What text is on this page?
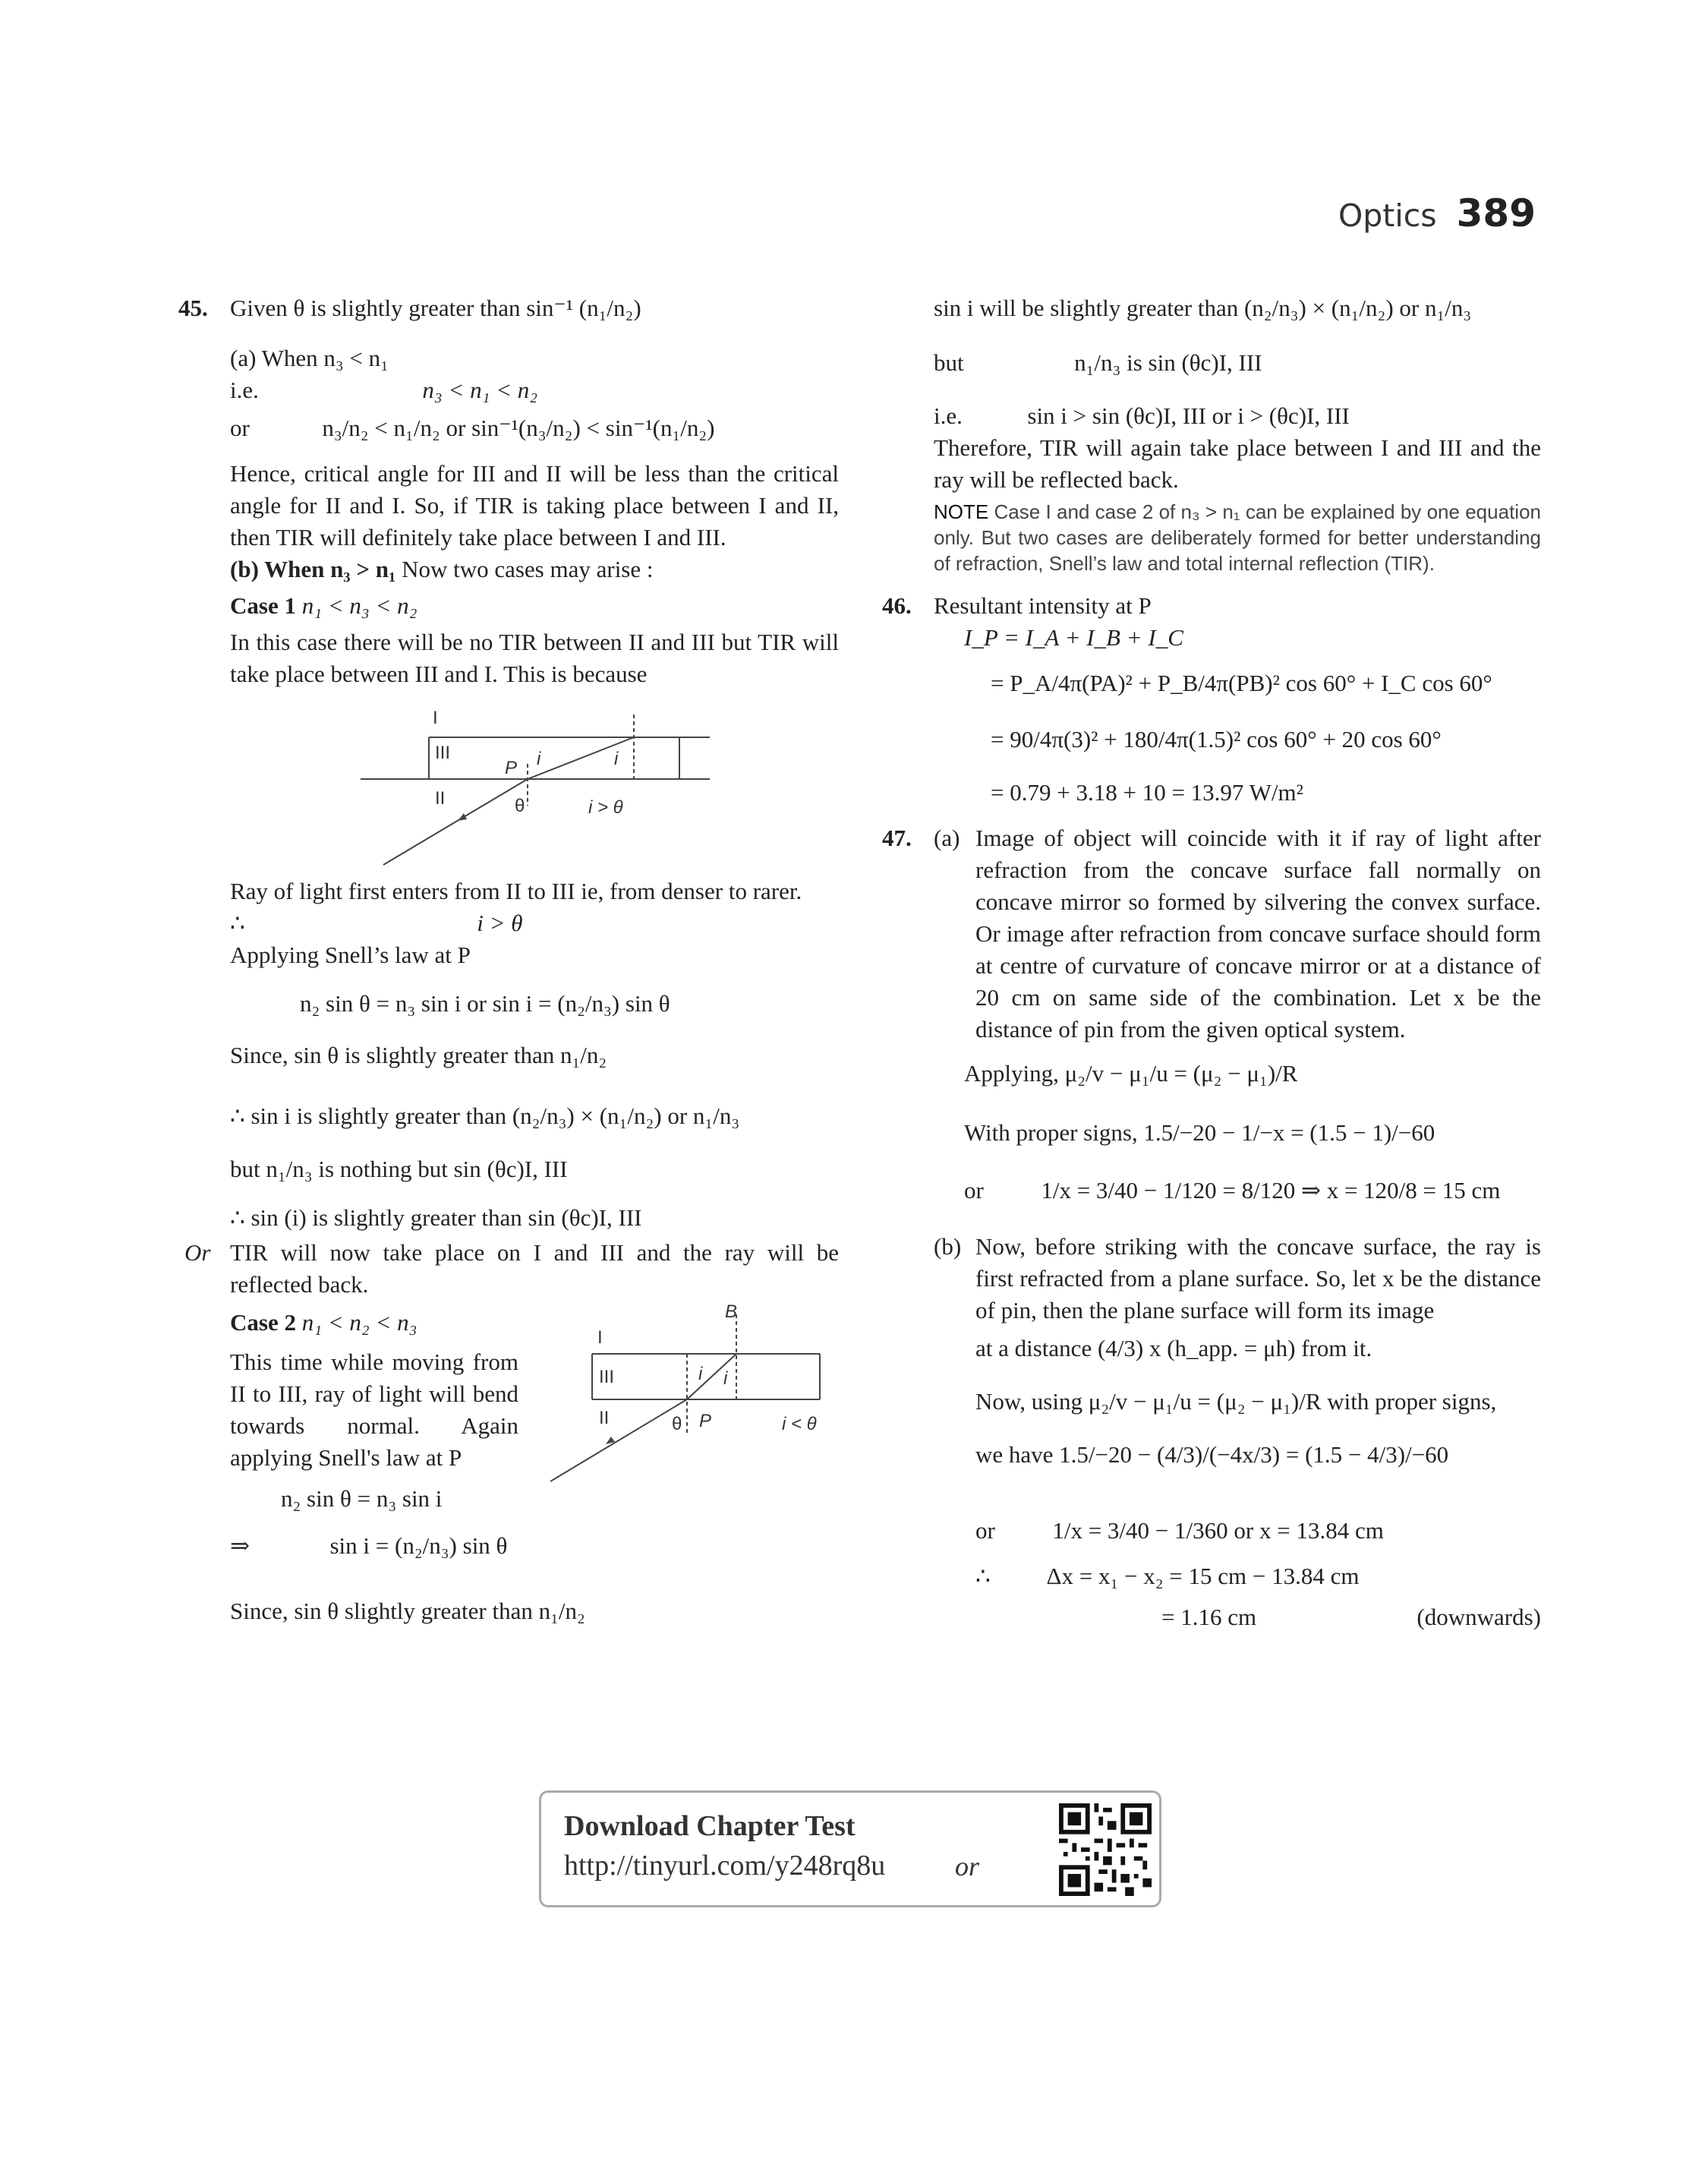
Optics 389
45. Given θ is slightly greater than sin⁻¹ (n₁/n₂)
(a) When n₃ < n₁
i.e.	n₃ < n₁ < n₂
or	n₃/n₂ < n₁/n₂ or sin⁻¹(n₃/n₂) < sin⁻¹(n₁/n₂)
Hence, critical angle for III and II will be less than the critical angle for II and I. So, if TIR is taking place between I and II, then TIR will definitely take place between I and III.
(b) When n₃ > n₁ Now two cases may arise :
Case 1 n₁ < n₃ < n₂
In this case there will be no TIR between II and III but TIR will take place between III and I. This is because
I
III
II
P i	i
θ	i > θ
Ray of light first enters from II to III ie, from denser to rarer.
∴	i > θ
Applying Snell’s law at P
n₂ sin θ = n₃ sin i or sin i = (n₂/n₃) sin θ
Since, sin θ is slightly greater than n₁/n₂
∴ sin i is slightly greater than (n₂/n₃) × (n₁/n₂) or n₁/n₃
but n₁/n₃ is nothing but sin (θc)I, III
∴ sin (i) is slightly greater than sin (θc)I, III
Or TIR will now take place on I and III and the ray will be reflected back.
Case 2 n₁ < n₂ < n₃
This time while moving from II to III, ray of light will bend towards normal. Again applying Snell's law at P
n₂ sin θ = n₃ sin i
⇒	sin i = (n₂/n₃) sin θ
Since, sin θ slightly greater than n₁/n₂
B
I
III
II	P
i i
θ	i < θ
sin i will be slightly greater than (n₂/n₃) × (n₁/n₂) or n₁/n₃
but	n₁/n₃ is sin (θc)I, III
i.e.	sin i > sin (θc)I, III or i > (θc)I, III
Therefore, TIR will again take place between I and III and the ray will be reflected back.
NOTE Case I and case 2 of n₃ > n₁ can be explained by one equation only. But two cases are deliberately formed for better understanding of refraction, Snell’s law and total internal reflection (TIR).
46. Resultant intensity at P
I_P = I_A + I_B + I_C
= P_A/4π(PA)² + P_B/4π(PB)² cos 60° + I_C cos 60°
= 90/4π(3)² + 180/4π(1.5)² cos 60° + 20 cos 60°
= 0.79 + 3.18 + 10 = 13.97 W/m²
47. (a) Image of object will coincide with it if ray of light after refraction from the concave surface fall normally on concave mirror so formed by silvering the convex surface. Or image after refraction from concave surface should form at centre of curvature of concave mirror or at a distance of 20 cm on same side of the combination. Let x be the distance of pin from the given optical system.
Applying, μ₂/v − μ₁/u = (μ₂ − μ₁)/R
With proper signs, 1.5/−20 − 1/−x = (1.5 − 1)/−60
or 1/x = 3/40 − 1/120 = 8/120 ⇒ x = 120/8 = 15 cm
(b) Now, before striking with the concave surface, the ray is first refracted from a plane surface. So, let x be the distance of pin, then the plane surface will form its image
at a distance (4/3) x (h_app. = μh) from it.
Now, using μ₂/v − μ₁/u = (μ₂ − μ₁)/R with proper signs,
we have 1.5/−20 − (4/3)/(−4x/3) = (1.5 − 4/3)/−60
or 1/x = 3/40 − 1/360 or x = 13.84 cm
∴ Δx = x₁ − x₂ = 15 cm − 13.84 cm
= 1.16 cm	(downwards)
Download Chapter Test
http://tinyurl.com/y248rq8u	or
